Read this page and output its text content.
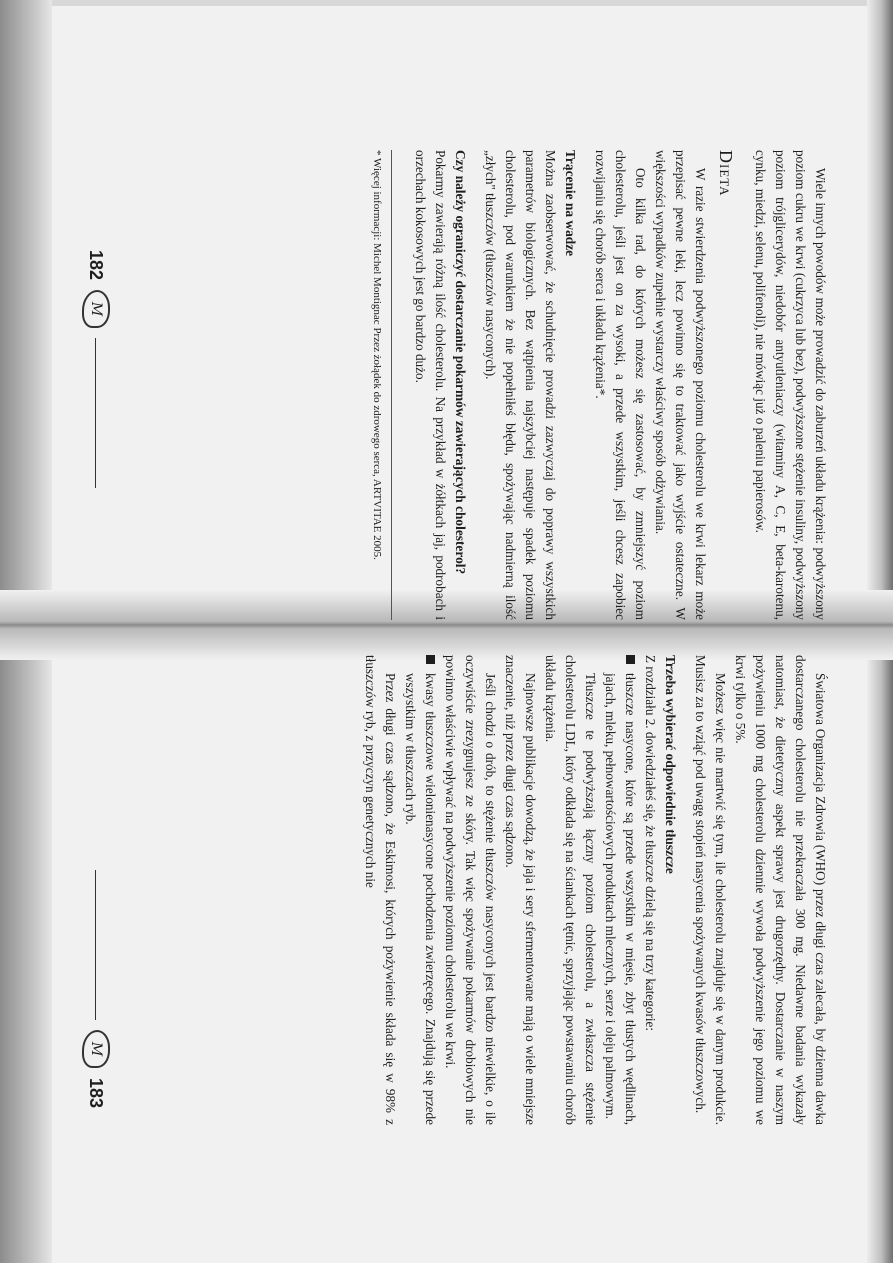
Wiele innych powodów może prowadzić do zaburzeń układu krążenia: podwyższony poziom cukru we krwi (cukrzyca lub bez), podwyższone stężenie insuliny, podwyższony poziom trójglicerydów, niedobór antyutleniaczy (witaminy A, C, E, beta-karotenu, cynku, miedzi, selenu, polifenoli), nie mówiąc już o paleniu papierosów.

Dieta

W razie stwierdzenia podwyższonego poziomu cholesterolu we krwi lekarz może przepisać pewne leki, lecz powinno się to traktować jako wyjście ostateczne. W większości wypadków zupełnie wystarczy właściwy sposób odżywiania.

Oto kilka rad, do których możesz się zastosować, by zmniejszyć poziom cholesterolu, jeśli jest on za wysoki, a przede wszystkim, jeśli chcesz zapobiec rozwijaniu się chorób serca i układu krążenia*.

Trącenie na wadze

Można zaobserwować, że schudnięcie prowadzi zazwyczaj do poprawy wszystkich parametrów biologicznych. Bez wątpienia najszybciej następuje spadek poziomu cholesterolu, pod warunkiem że nie popełniłeś błędu, spożywając nadmierną ilość „złych" tłuszczów (tłuszczów nasyconych).

Czy należy ograniczyć dostarczanie pokarmów zawierających cholesterol?

Pokarmy zawierają różną ilość cholesterolu. Na przykład w żółtkach jaj, podrobach i orzechach kokosowych jest go bardzo dużo.

* Więcej informacji: Michel Montignac Przez żołądek do zdrowego serca, ARTVITAE 2005.
182
M

Światowa Organizacja Zdrowia (WHO) przez długi czas zalecała, by dzienna dawka dostarczanego cholesterolu nie przekraczała 300 mg. Niedawne badania wykazały natomiast, że dietetyczny aspekt sprawy jest drugorzędny. Dostarczanie w naszym pożywieniu 1000 mg cholesterolu dziennie wywoła podwyższenie jego poziomu we krwi tylko o 5%.

Możesz więc nie martwić się tym, ile cholesterolu znajduje się w danym produkcie. Musisz za to wziąć pod uwagę stopień nasycenia spożywanych kwasów tłuszczowych.

Trzeba wybierać odpowiednie tłuszcze

Z rozdziału 2. dowiedziałeś się, że tłuszcze dzielą się na trzy kategorie:

tłuszcze nasycone, które są przede wszystkim w mięsie, zbyt tłustych wędlinach, jajach, mleku, pełnowartościowych produktach mlecznych, serze i oleju palmowym.

Tłuszcze te podwyższają łączny poziom cholesterolu, a zwłaszcza stężenie cholesterolu LDL, który odkłada się na ściankach tętnic, sprzyjając powstawaniu chorób układu krążenia.

Najnowsze publikacje dowodzą, że jaja i sery sfermentowane mają o wiele mniejsze znaczenie, niż przez długi czas sądzono.

Jeśli chodzi o drób, to stężenie tłuszczów nasyconych jest bardzo niewielkie, o ile oczywiście zrezygnujesz ze skóry. Tak więc spożywanie pokarmów drobiowych nie powinno właściwie wpływać na podwyższenie poziomu cholesterolu we krwi.

kwasy tłuszczowe wielonienasycone pochodzenia zwierzęcego. Znajdują się przede wszystkim w tłuszczach ryb.

Przez długi czas sądzono, że Eskimosi, których pożywienie składa się w 98% z tłuszczów ryb, z przyczyn genetycznych nie

M
183
